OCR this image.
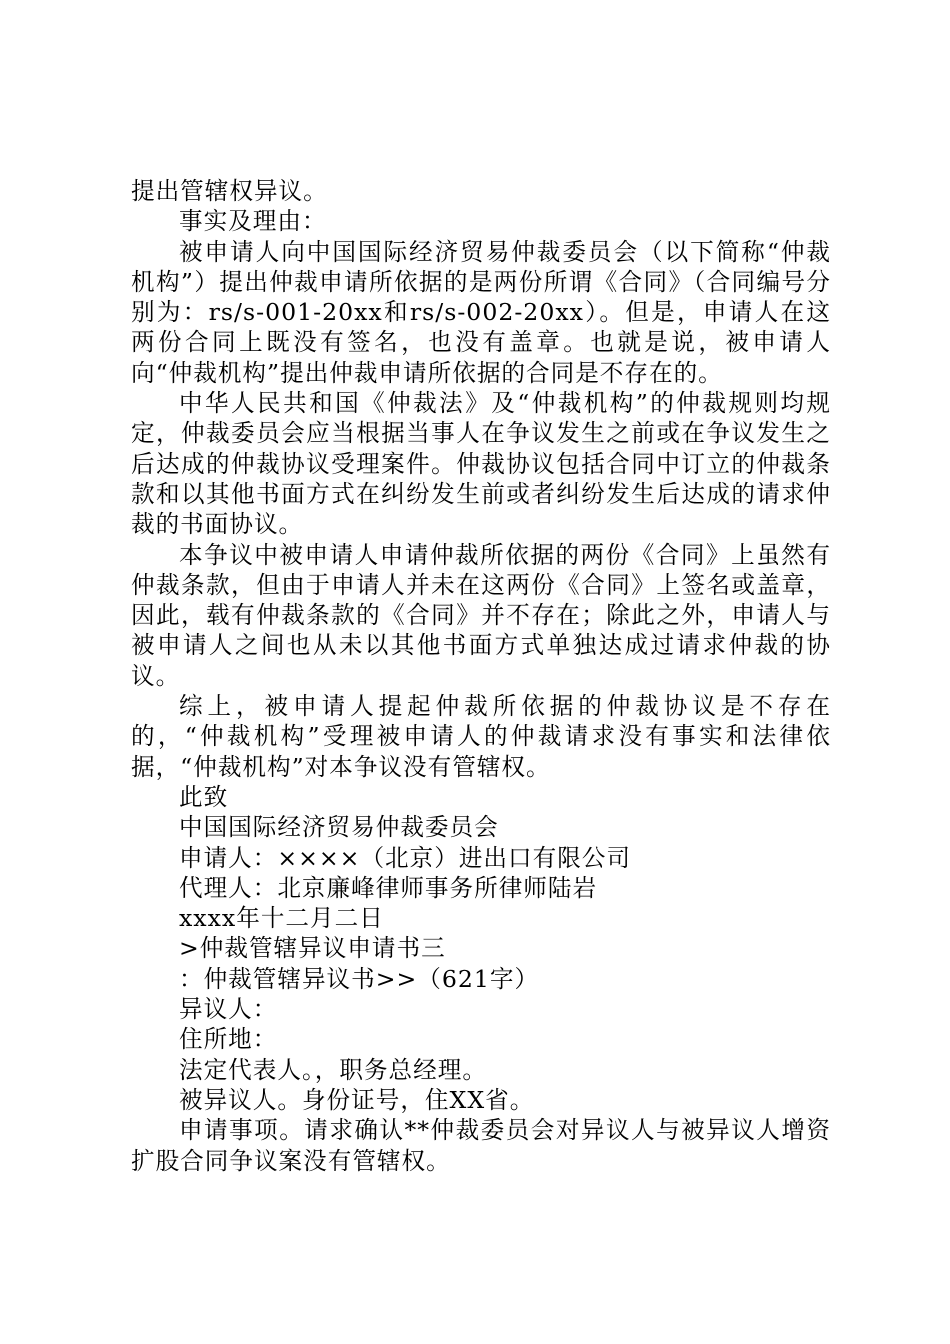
提出管辖权异议。

事实及理由：

被申请人向中国国际经济贸易仲裁委员会（以下简称“仲裁机构”）提出仲裁申请所依据的是两份所谓《合同》（合同编号分别为：rs/s-001-20xx和rs/s-002-20xx）。但是，申请人在这两份合同上既没有签名，也没有盖章。也就是说，被申请人向“仲裁机构”提出仲裁申请所依据的合同是不存在的。

中华人民共和国《仲裁法》及“仲裁机构”的仲裁规则均规定，仲裁委员会应当根据当事人在争议发生之前或在争议发生之后达成的仲裁协议受理案件。仲裁协议包括合同中订立的仲裁条款和以其他书面方式在纠纷发生前或者纠纷发生后达成的请求仲裁的书面协议。

本争议中被申请人申请仲裁所依据的两份《合同》上虽然有仲裁条款，但由于申请人并未在这两份《合同》上签名或盖章，因此，载有仲裁条款的《合同》并不存在；除此之外，申请人与被申请人之间也从未以其他书面方式单独达成过请求仲裁的协议。

综上，被申请人提起仲裁所依据的仲裁协议是不存在的，“仲裁机构”受理被申请人的仲裁请求没有事实和法律依据，“仲裁机构”对本争议没有管辖权。

此致

中国国际经济贸易仲裁委员会

申请人：××××（北京）进出口有限公司

代理人：北京廉峰律师事务所律师陆岩

xxxx年十二月二日

>仲裁管辖异议申请书三

：仲裁管辖异议书>>（621字）

异议人：

住所地：

法定代表人。，职务总经理。

被异议人。身份证号，住XX省。

申请事项。请求确认**仲裁委员会对异议人与被异议人增资扩股合同争议案没有管辖权。
